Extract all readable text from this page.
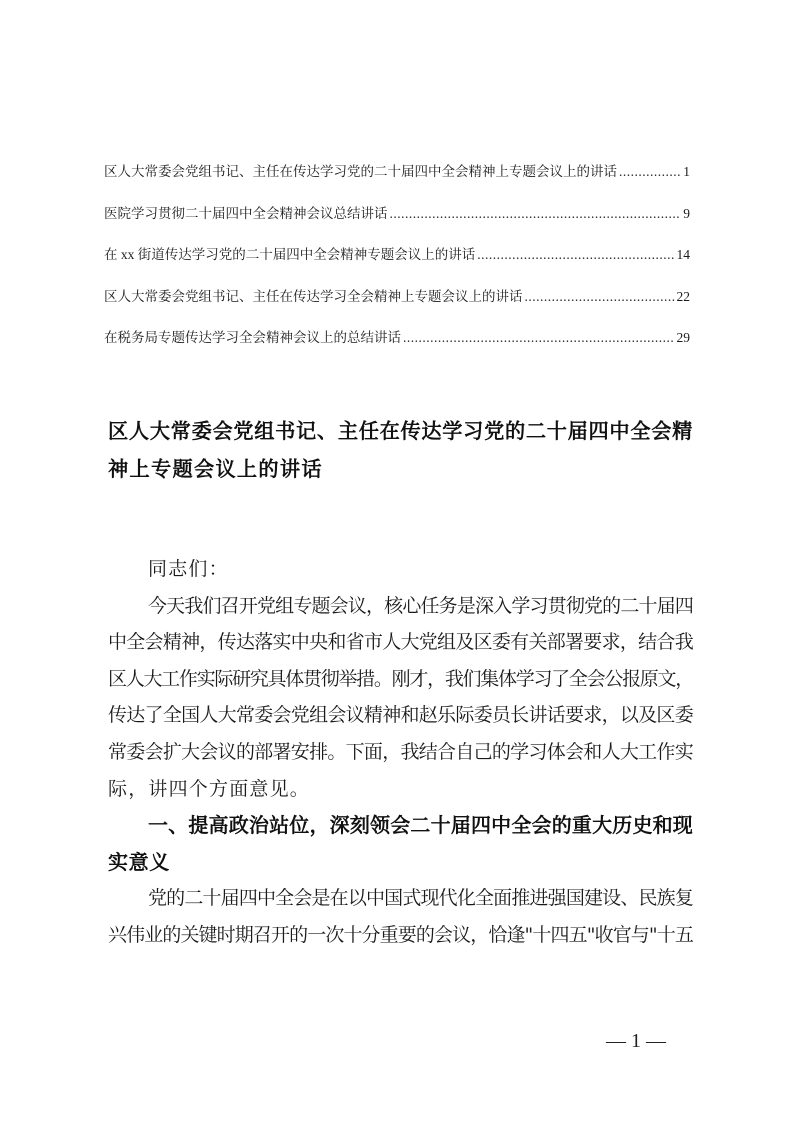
区人大常委会党组书记、主任在传达学习党的二十届四中全会精神上专题会议上的讲话 .....	1
医院学习贯彻二十届四中全会精神会议总结讲话 .....	9
在 xx 街道传达学习党的二十届四中全会精神专题会议上的讲话 .....	14
区人大常委会党组书记、主任在传达学习全会精神上专题会议上的讲话 .....	22
在税务局专题传达学习全会精神会议上的总结讲话 .....	29
区人大常委会党组书记、主任在传达学习党的二十届四中全会精
神上专题会议上的讲话
同志们：
今天我们召开党组专题会议，核心任务是深入学习贯彻党的二十届四
中全会精神，传达落实中央和省市人大党组及区委有关部署要求，结合我
区人大工作实际研究具体贯彻举措。刚才，我们集体学习了全会公报原文，
传达了全国人大常委会党组会议精神和赵乐际委员长讲话要求，以及区委
常委会扩大会议的部署安排。下面，我结合自己的学习体会和人大工作实
际，讲四个方面意见。
一、提高政治站位，深刻领会二十届四中全会的重大历史和现
实意义
党的二十届四中全会是在以中国式现代化全面推进强国建设、民族复
兴伟业的关键时期召开的一次十分重要的会议，恰逢"十四五"收官与"十五
— 1 —
